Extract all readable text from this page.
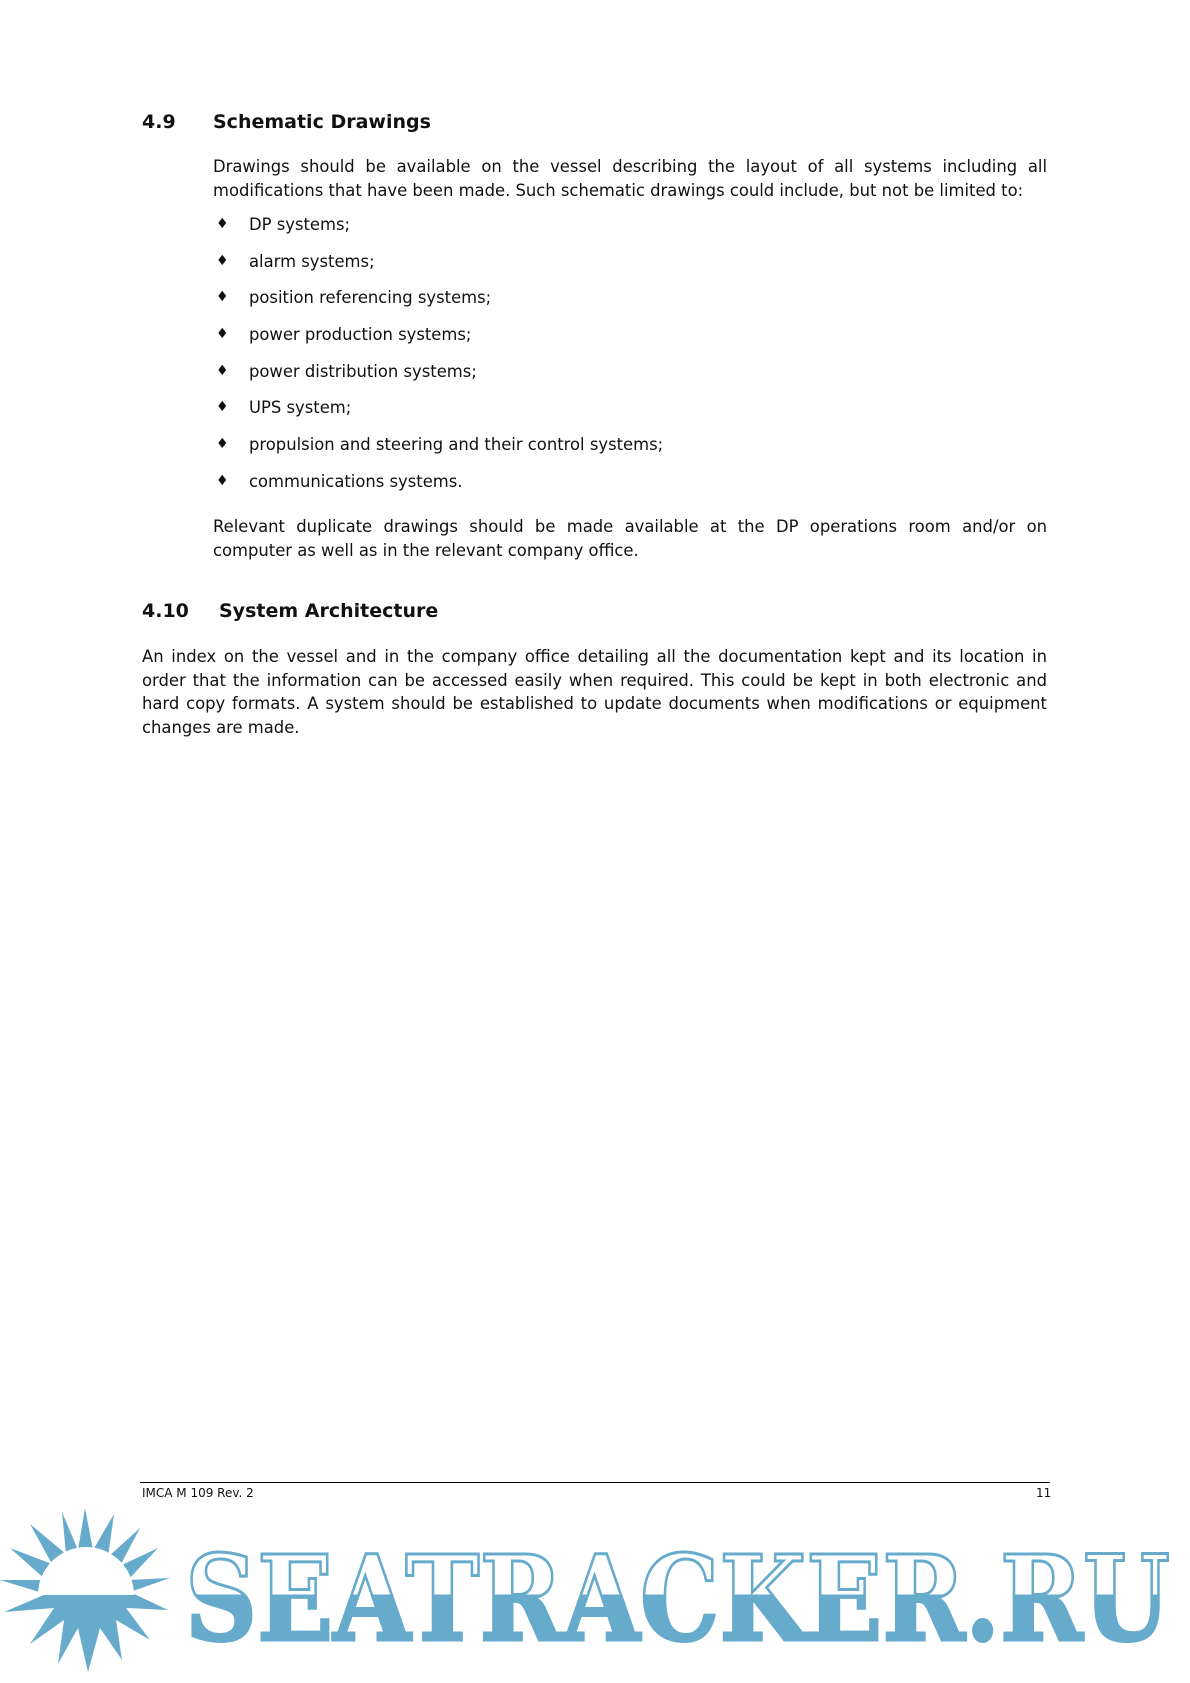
4.9 Schematic Drawings
Drawings should be available on the vessel describing the layout of all systems including all modifications that have been made. Such schematic drawings could include, but not be limited to:
♦ DP systems;
♦ alarm systems;
♦ position referencing systems;
♦ power production systems;
♦ power distribution systems;
♦ UPS system;
♦ propulsion and steering and their control systems;
♦ communications systems.
Relevant duplicate drawings should be made available at the DP operations room and/or on computer as well as in the relevant company office.
4.10 System Architecture
An index on the vessel and in the company office detailing all the documentation kept and its location in order that the information can be accessed easily when required. This could be kept in both electronic and hard copy formats. A system should be established to update documents when modifications or equipment changes are made.
IMCA M 109 Rev. 2	11
SEATRACKER.RU
